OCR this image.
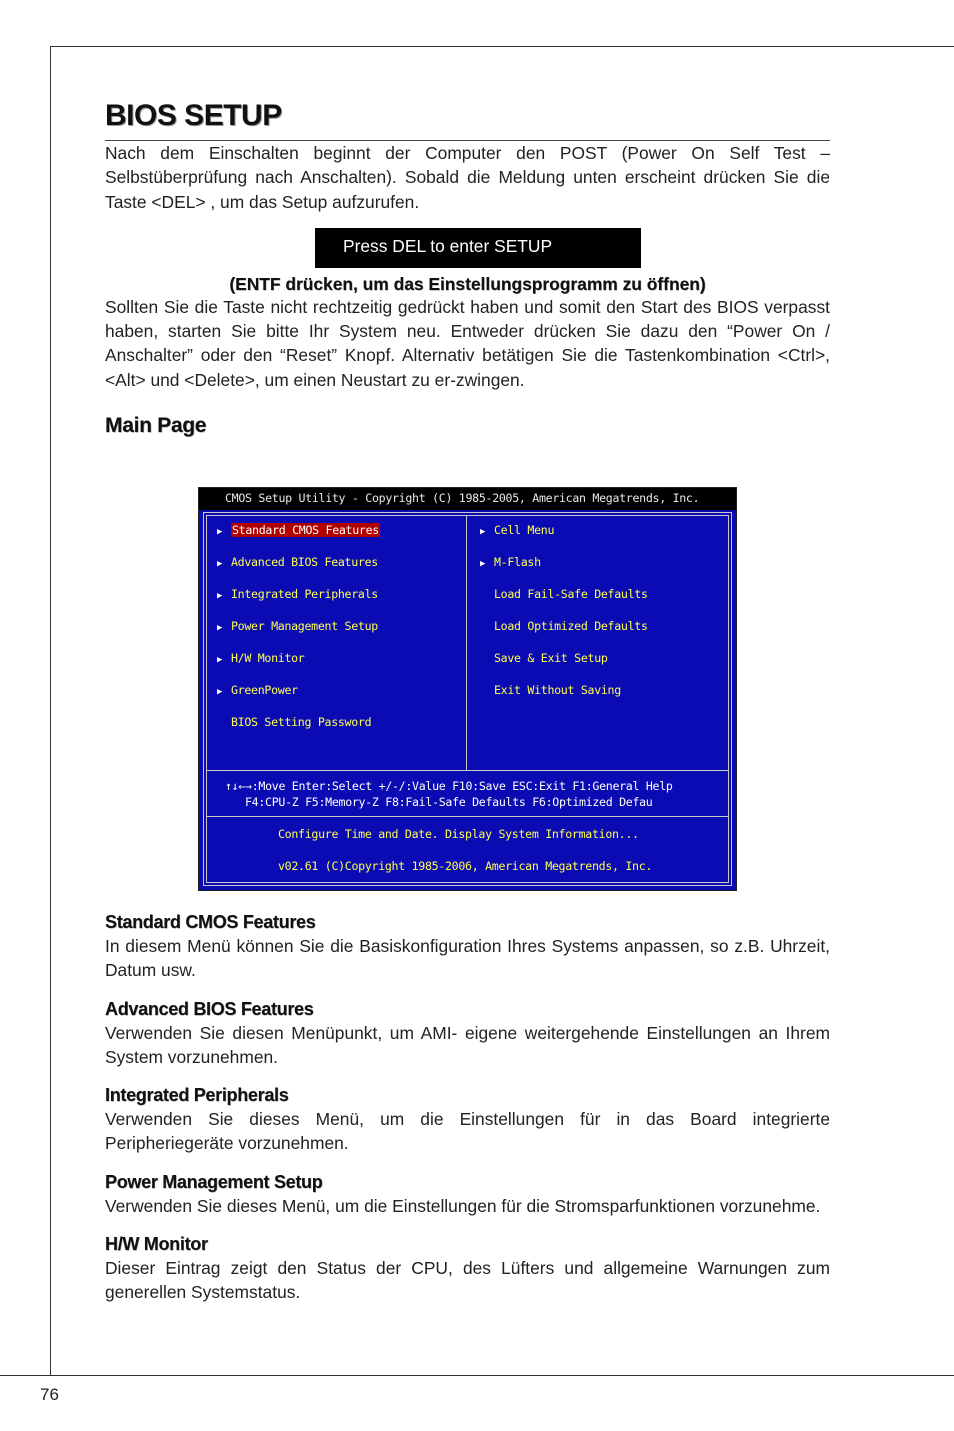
76
BIOS SETUP

Nach dem Einschalten beginnt der Computer den POST (Power On Self Test – Selbstüberprüfung nach Anschalten). Sobald die Meldung unten erscheint drücken Sie die Taste <DEL> , um das Setup aufzurufen.

Press DEL to enter SETUP
(ENTF drücken, um das Einstellungsprogramm zu öffnen)

Sollten Sie die Taste nicht rechtzeitig gedrückt haben und somit den Start des BIOS verpasst haben, starten Sie bitte Ihr System neu. Entweder drücken Sie dazu den “Power On / Anschalter” oder den “Reset” Knopf. Alternativ betätigen Sie die Tastenkombination <Ctrl>, <Alt> und <Delete>, um einen Neustart zu er-zwingen.

Main Page
CMOS Setup Utility - Copyright (C) 1985-2005, American Megatrends, Inc.
▶ Standard CMOS Features
▶ Advanced BIOS Features
▶ Integrated Peripherals
▶ Power Management Setup
▶ H/W Monitor
▶ GreenPower
BIOS Setting Password
▶ Cell Menu
▶ M-Flash
Load Fail-Safe Defaults
Load Optimized Defaults
Save & Exit Setup
Exit Without Saving
↑↓←→:Move Enter:Select +/-/:Value F10:Save ESC:Exit F1:General Help
F4:CPU-Z F5:Memory-Z F8:Fail-Safe Defaults F6:Optimized Defau
Configure Time and Date. Display System Information...
v02.61 (C)Copyright 1985-2006, American Megatrends, Inc.
Standard CMOS Features

In diesem Menü können Sie die Basiskonfiguration Ihres Systems anpassen, so z.B. Uhrzeit, Datum usw.

Advanced BIOS Features

Verwenden Sie diesen Menüpunkt, um AMI- eigene weitergehende Einstellungen an Ihrem System vorzunehmen.

Integrated Peripherals

Verwenden Sie dieses Menü, um die Einstellungen für in das Board integrierte Peripheriegeräte vorzunehmen.

Power Management Setup

Verwenden Sie dieses Menü, um die Einstellungen für die Stromsparfunktionen vorzunehme.

H/W Monitor

Dieser Eintrag zeigt den Status der CPU, des Lüfters und allgemeine Warnungen zum generellen Systemstatus.
